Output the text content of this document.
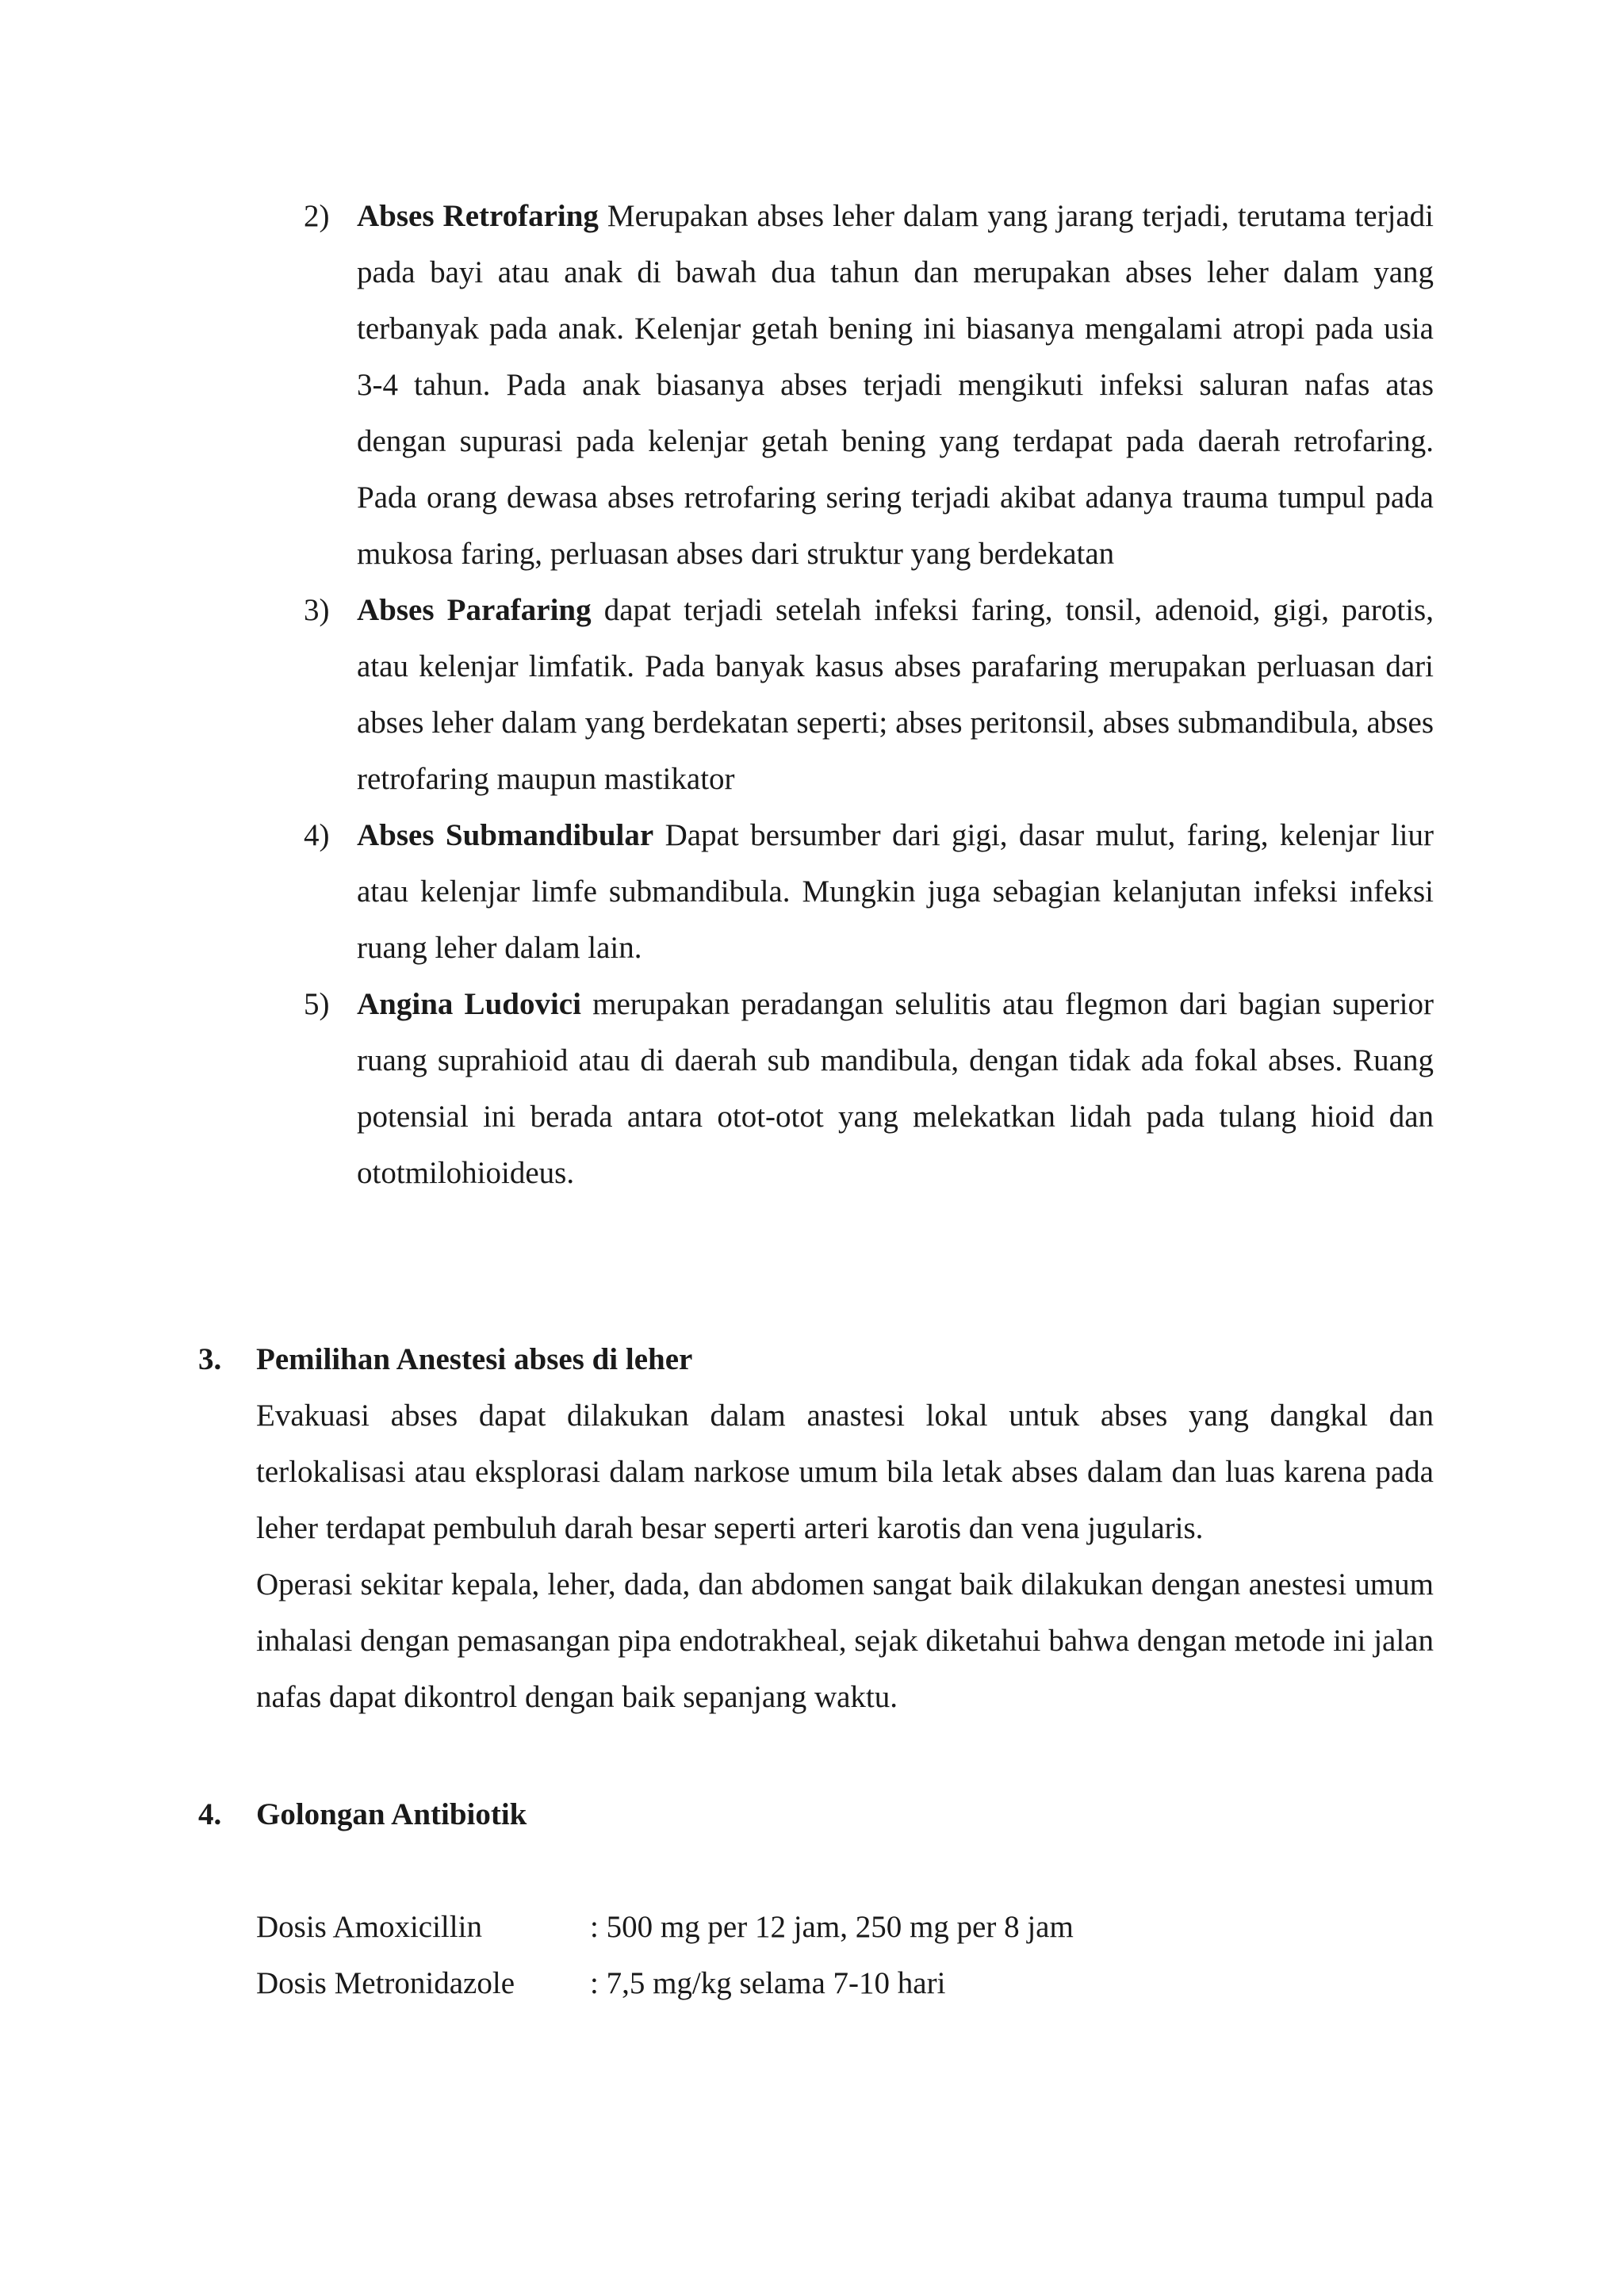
2) Abses Retrofaring Merupakan abses leher dalam yang jarang terjadi, terutama terjadi pada bayi atau anak di bawah dua tahun dan merupakan abses leher dalam yang terbanyak pada anak. Kelenjar getah bening ini biasanya mengalami atropi pada usia 3-4 tahun. Pada anak biasanya abses terjadi mengikuti infeksi saluran nafas atas dengan supurasi pada kelenjar getah bening yang terdapat pada daerah retrofaring. Pada orang dewasa abses retrofaring sering terjadi akibat adanya trauma tumpul pada mukosa faring, perluasan abses dari struktur yang berdekatan
3) Abses Parafaring dapat terjadi setelah infeksi faring, tonsil, adenoid, gigi, parotis, atau kelenjar limfatik. Pada banyak kasus abses parafaring merupakan perluasan dari abses leher dalam yang berdekatan seperti; abses peritonsil, abses submandibula, abses retrofaring maupun mastikator
4) Abses Submandibular Dapat bersumber dari gigi, dasar mulut, faring, kelenjar liur atau kelenjar limfe submandibula. Mungkin juga sebagian kelanjutan infeksi infeksi ruang leher dalam lain.
5) Angina Ludovici merupakan peradangan selulitis atau flegmon dari bagian superior ruang suprahioid atau di daerah sub mandibula, dengan tidak ada fokal abses. Ruang potensial ini berada antara otot-otot yang melekatkan lidah pada tulang hioid dan ototmilohioideus.
3.	Pemilihan Anestesi abses di leher
Evakuasi abses dapat dilakukan dalam anastesi lokal untuk abses yang dangkal dan terlokalisasi atau eksplorasi dalam narkose umum bila letak abses dalam dan luas karena pada leher terdapat pembuluh darah besar seperti arteri karotis dan vena jugularis.
Operasi sekitar kepala, leher, dada, dan abdomen sangat baik dilakukan dengan anestesi umum inhalasi dengan pemasangan pipa endotrakheal, sejak diketahui bahwa dengan metode ini jalan nafas dapat dikontrol dengan baik sepanjang waktu.
4.	Golongan Antibiotik
Dosis Amoxicillin	: 500 mg per 12 jam, 250 mg per 8 jam
Dosis Metronidazole	: 7,5 mg/kg selama 7-10 hari
